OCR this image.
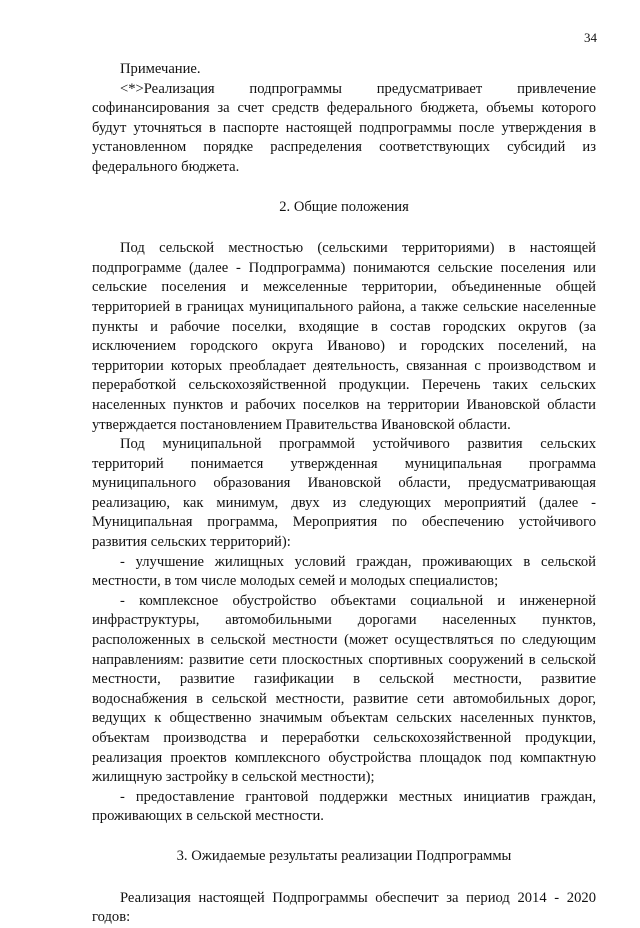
34

Примечание.

<*>Реализация подпрограммы предусматривает привлечение софинансирования за счет средств федерального бюджета, объемы которого будут уточняться в паспорте настоящей подпрограммы после утверждения в установленном порядке распределения соответствующих субсидий из федерального бюджета.

2. Общие положения

Под сельской местностью (сельскими территориями) в настоящей подпрограмме (далее - Подпрограмма) понимаются сельские поселения или сельские поселения и межселенные территории, объединенные общей территорией в границах муниципального района, а также сельские населенные пункты и рабочие поселки, входящие в состав городских округов (за исключением городского округа Иваново) и городских поселений, на территории которых преобладает деятельность, связанная с производством и переработкой сельскохозяйственной продукции. Перечень таких сельских населенных пунктов и рабочих поселков на территории Ивановской области утверждается постановлением Правительства Ивановской области.

Под муниципальной программой устойчивого развития сельских территорий понимается утвержденная муниципальная программа муниципального образования Ивановской области, предусматривающая реализацию, как минимум, двух из следующих мероприятий (далее - Муниципальная программа, Мероприятия по обеспечению устойчивого развития сельских территорий):

- улучшение жилищных условий граждан, проживающих в сельской местности, в том числе молодых семей и молодых специалистов;

- комплексное обустройство объектами социальной и инженерной инфраструктуры, автомобильными дорогами населенных пунктов, расположенных в сельской местности (может осуществляться по следующим направлениям: развитие сети плоскостных спортивных сооружений в сельской местности, развитие газификации в сельской местности, развитие водоснабжения в сельской местности, развитие сети автомобильных дорог, ведущих к общественно значимым объектам сельских населенных пунктов, объектам производства и переработки сельскохозяйственной продукции, реализация проектов комплексного обустройства площадок под компактную жилищную застройку в сельской местности);

- предоставление грантовой поддержки местных инициатив граждан, проживающих в сельской местности.

3. Ожидаемые результаты реализации Подпрограммы

Реализация настоящей Подпрограммы обеспечит за период 2014 - 2020 годов:
